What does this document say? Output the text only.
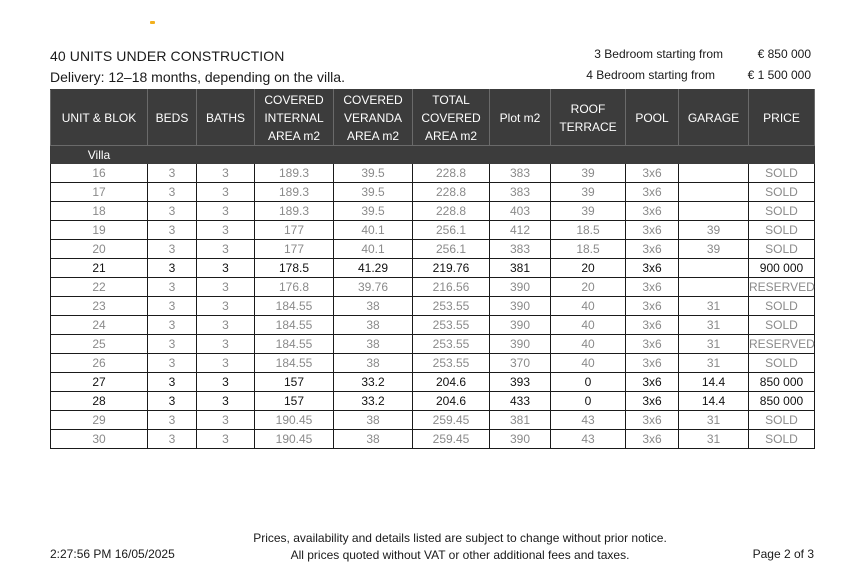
40 UNITS UNDER CONSTRUCTION
Delivery: 12–18 months, depending on the villa.
3 Bedroom starting from	€ 850 000
4 Bedroom starting from	€ 1 500 000
UNIT & BLOK	BEDS	BATHS	COVERED INTERNAL AREA m2	COVERED VERANDA AREA m2	TOTAL COVERED AREA m2	Plot m2	ROOF TERRACE	POOL	GARAGE	PRICE
Villa										
16	3	3	189.3	39.5	228.8	383	39	3x6		SOLD
17	3	3	189.3	39.5	228.8	383	39	3x6		SOLD
18	3	3	189.3	39.5	228.8	403	39	3x6		SOLD
19	3	3	177	40.1	256.1	412	18.5	3x6	39	SOLD
20	3	3	177	40.1	256.1	383	18.5	3x6	39	SOLD
21	3	3	178.5	41.29	219.76	381	20	3x6		900 000
22	3	3	176.8	39.76	216.56	390	20	3x6		RESERVED
23	3	3	184.55	38	253.55	390	40	3x6	31	SOLD
24	3	3	184.55	38	253.55	390	40	3x6	31	SOLD
25	3	3	184.55	38	253.55	390	40	3x6	31	RESERVED
26	3	3	184.55	38	253.55	370	40	3x6	31	SOLD
27	3	3	157	33.2	204.6	393	0	3x6	14.4	850 000
28	3	3	157	33.2	204.6	433	0	3x6	14.4	850 000
29	3	3	190.45	38	259.45	381	43	3x6	31	SOLD
30	3	3	190.45	38	259.45	390	43	3x6	31	SOLD
2:27:56 PM 16/05/2025
Prices, availability and details listed are subject to change without prior notice.
All prices quoted without VAT or other additional fees and taxes.	Page 2 of 3
